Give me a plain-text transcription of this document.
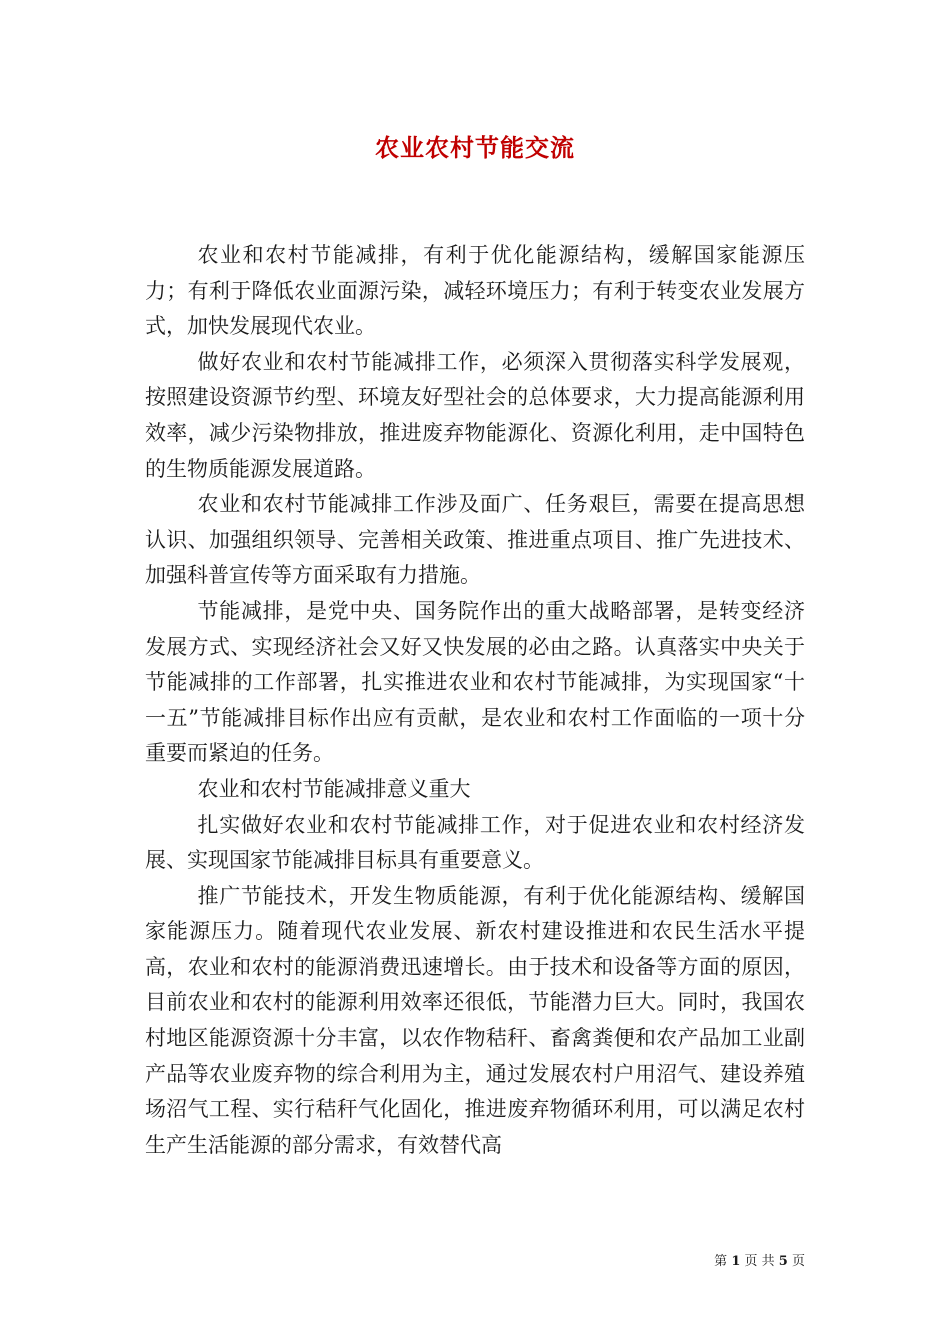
农业农村节能交流

农业和农村节能减排，有利于优化能源结构，缓解国家能源压力；有利于降低农业面源污染，减轻环境压力；有利于转变农业发展方式，加快发展现代农业。

做好农业和农村节能减排工作，必须深入贯彻落实科学发展观，按照建设资源节约型、环境友好型社会的总体要求，大力提高能源利用效率，减少污染物排放，推进废弃物能源化、资源化利用，走中国特色的生物质能源发展道路。

农业和农村节能减排工作涉及面广、任务艰巨，需要在提高思想认识、加强组织领导、完善相关政策、推进重点项目、推广先进技术、加强科普宣传等方面采取有力措施。

节能减排，是党中央、国务院作出的重大战略部署，是转变经济发展方式、实现经济社会又好又快发展的必由之路。认真落实中央关于节能减排的工作部署，扎实推进农业和农村节能减排，为实现国家“十一五”节能减排目标作出应有贡献，是农业和农村工作面临的一项十分重要而紧迫的任务。

农业和农村节能减排意义重大

扎实做好农业和农村节能减排工作，对于促进农业和农村经济发展、实现国家节能减排目标具有重要意义。

推广节能技术，开发生物质能源，有利于优化能源结构、缓解国家能源压力。随着现代农业发展、新农村建设推进和农民生活水平提高，农业和农村的能源消费迅速增长。由于技术和设备等方面的原因，目前农业和农村的能源利用效率还很低，节能潜力巨大。同时，我国农村地区能源资源十分丰富，以农作物秸秆、畜禽粪便和农产品加工业副产品等农业废弃物的综合利用为主，通过发展农村户用沼气、建设养殖场沼气工程、实行秸秆气化固化，推进废弃物循环利用，可以满足农村生产生活能源的部分需求，有效替代高

第 1 页 共 5 页
